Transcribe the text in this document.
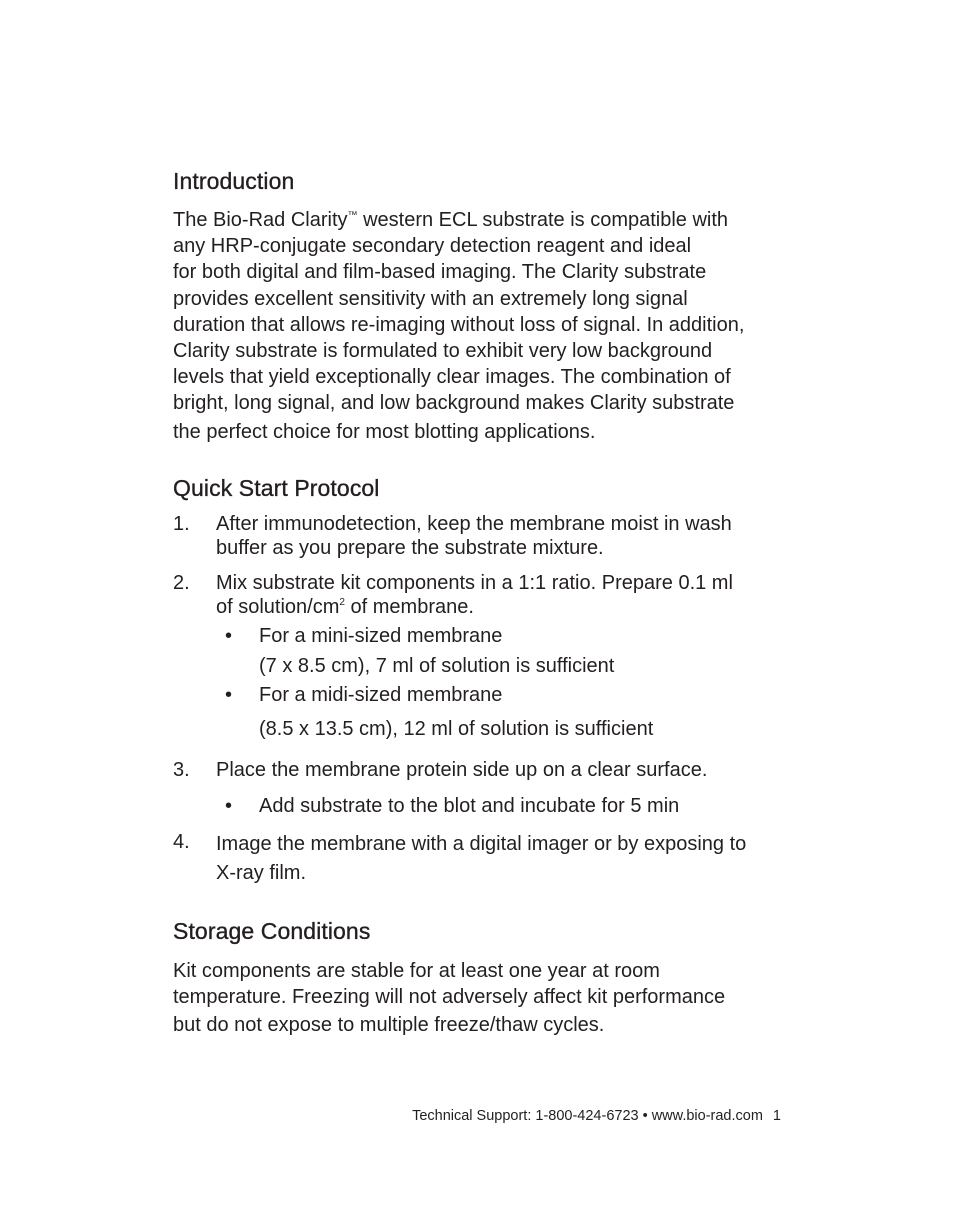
Introduction

The Bio-Rad Clarity™ western ECL substrate is compatible with

any HRP-conjugate secondary detection reagent and ideal

for both digital and film-based imaging. The Clarity substrate

provides excellent sensitivity with an extremely long signal

duration that allows re-imaging without loss of signal. In addition,

Clarity substrate is formulated to exhibit very low background

levels that yield exceptionally clear images. The combination of

bright, long signal, and low background makes Clarity substrate

the perfect choice for most blotting applications.

Quick Start Protocol
1. After immunodetection, keep the membrane moist in wash
buffer as you prepare the substrate mixture.
2. Mix substrate kit components in a 1:1 ratio. Prepare 0.1 ml
of solution/$cm^2$ of membrane.
• For a mini-sized membrane
(7 x 8.5 cm), 7 ml of solution is sufficient
• For a midi-sized membrane
(8.5 x 13.5 cm), 12 ml of solution is sufficient
3. Place the membrane protein side up on a clear surface.
• Add substrate to the blot and incubate for 5 min
4. Image the membrane with a digital imager or by exposing to
X-ray film.
Storage Conditions

Kit components are stable for at least one year at room

temperature. Freezing will not adversely affect kit performance

but do not expose to multiple freeze/thaw cycles.

Technical Support: 1-800-424-6723 • www.bio-rad.com 1
